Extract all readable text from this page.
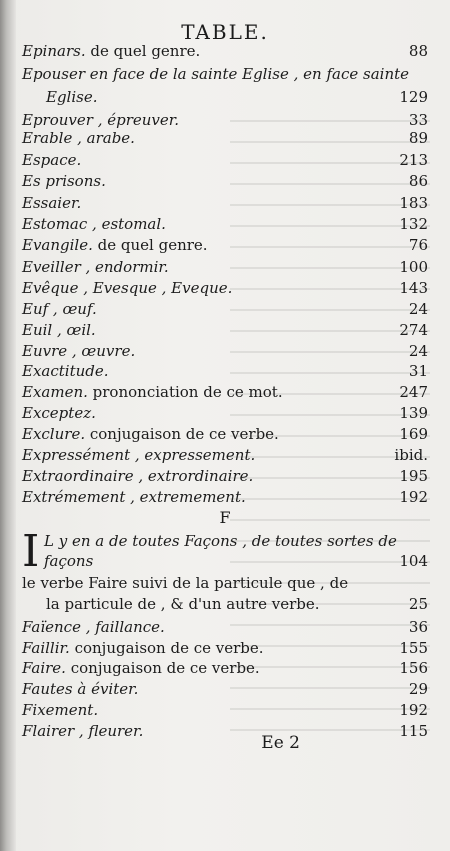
TABLE.
Epinars. de quel genre.	88
Epouser en face de la sainte Eglise , en face sainte
Eglise.	129
Eprouver , épreuver.	33
Erable , arabe.	89
Espace.	213
Es prisons.	86
Essaier.	183
Estomac , estomal.	132
Evangile. de quel genre.	76
Eveiller , endormir.	100
Evêque , Evesque , Eveque.	143
Euf , œuf.	24
Euil , œil.	274
Euvre , œuvre.	24
Exactitude.	31
Examen. prononciation de ce mot.	247
Exceptez.	139
Exclure. conjugaison de ce verbe.	169
Expressément , expressement.	ibid.
Extraordinaire , extrordinaire.	195
Extrémement , extremement.	192
F
I L y en a de toutes Façons , de toutes sortes de
façons	104
le verbe Faire suivi de la particule que , de
la particule de , & d'un autre verbe.	25
Faïence , faillance.	36
Faillir. conjugaison de ce verbe.	155
Faire. conjugaison de ce verbe.	156
Fautes à éviter.	29
Fixement.	192
Flairer , fleurer.	115
Ee 2
